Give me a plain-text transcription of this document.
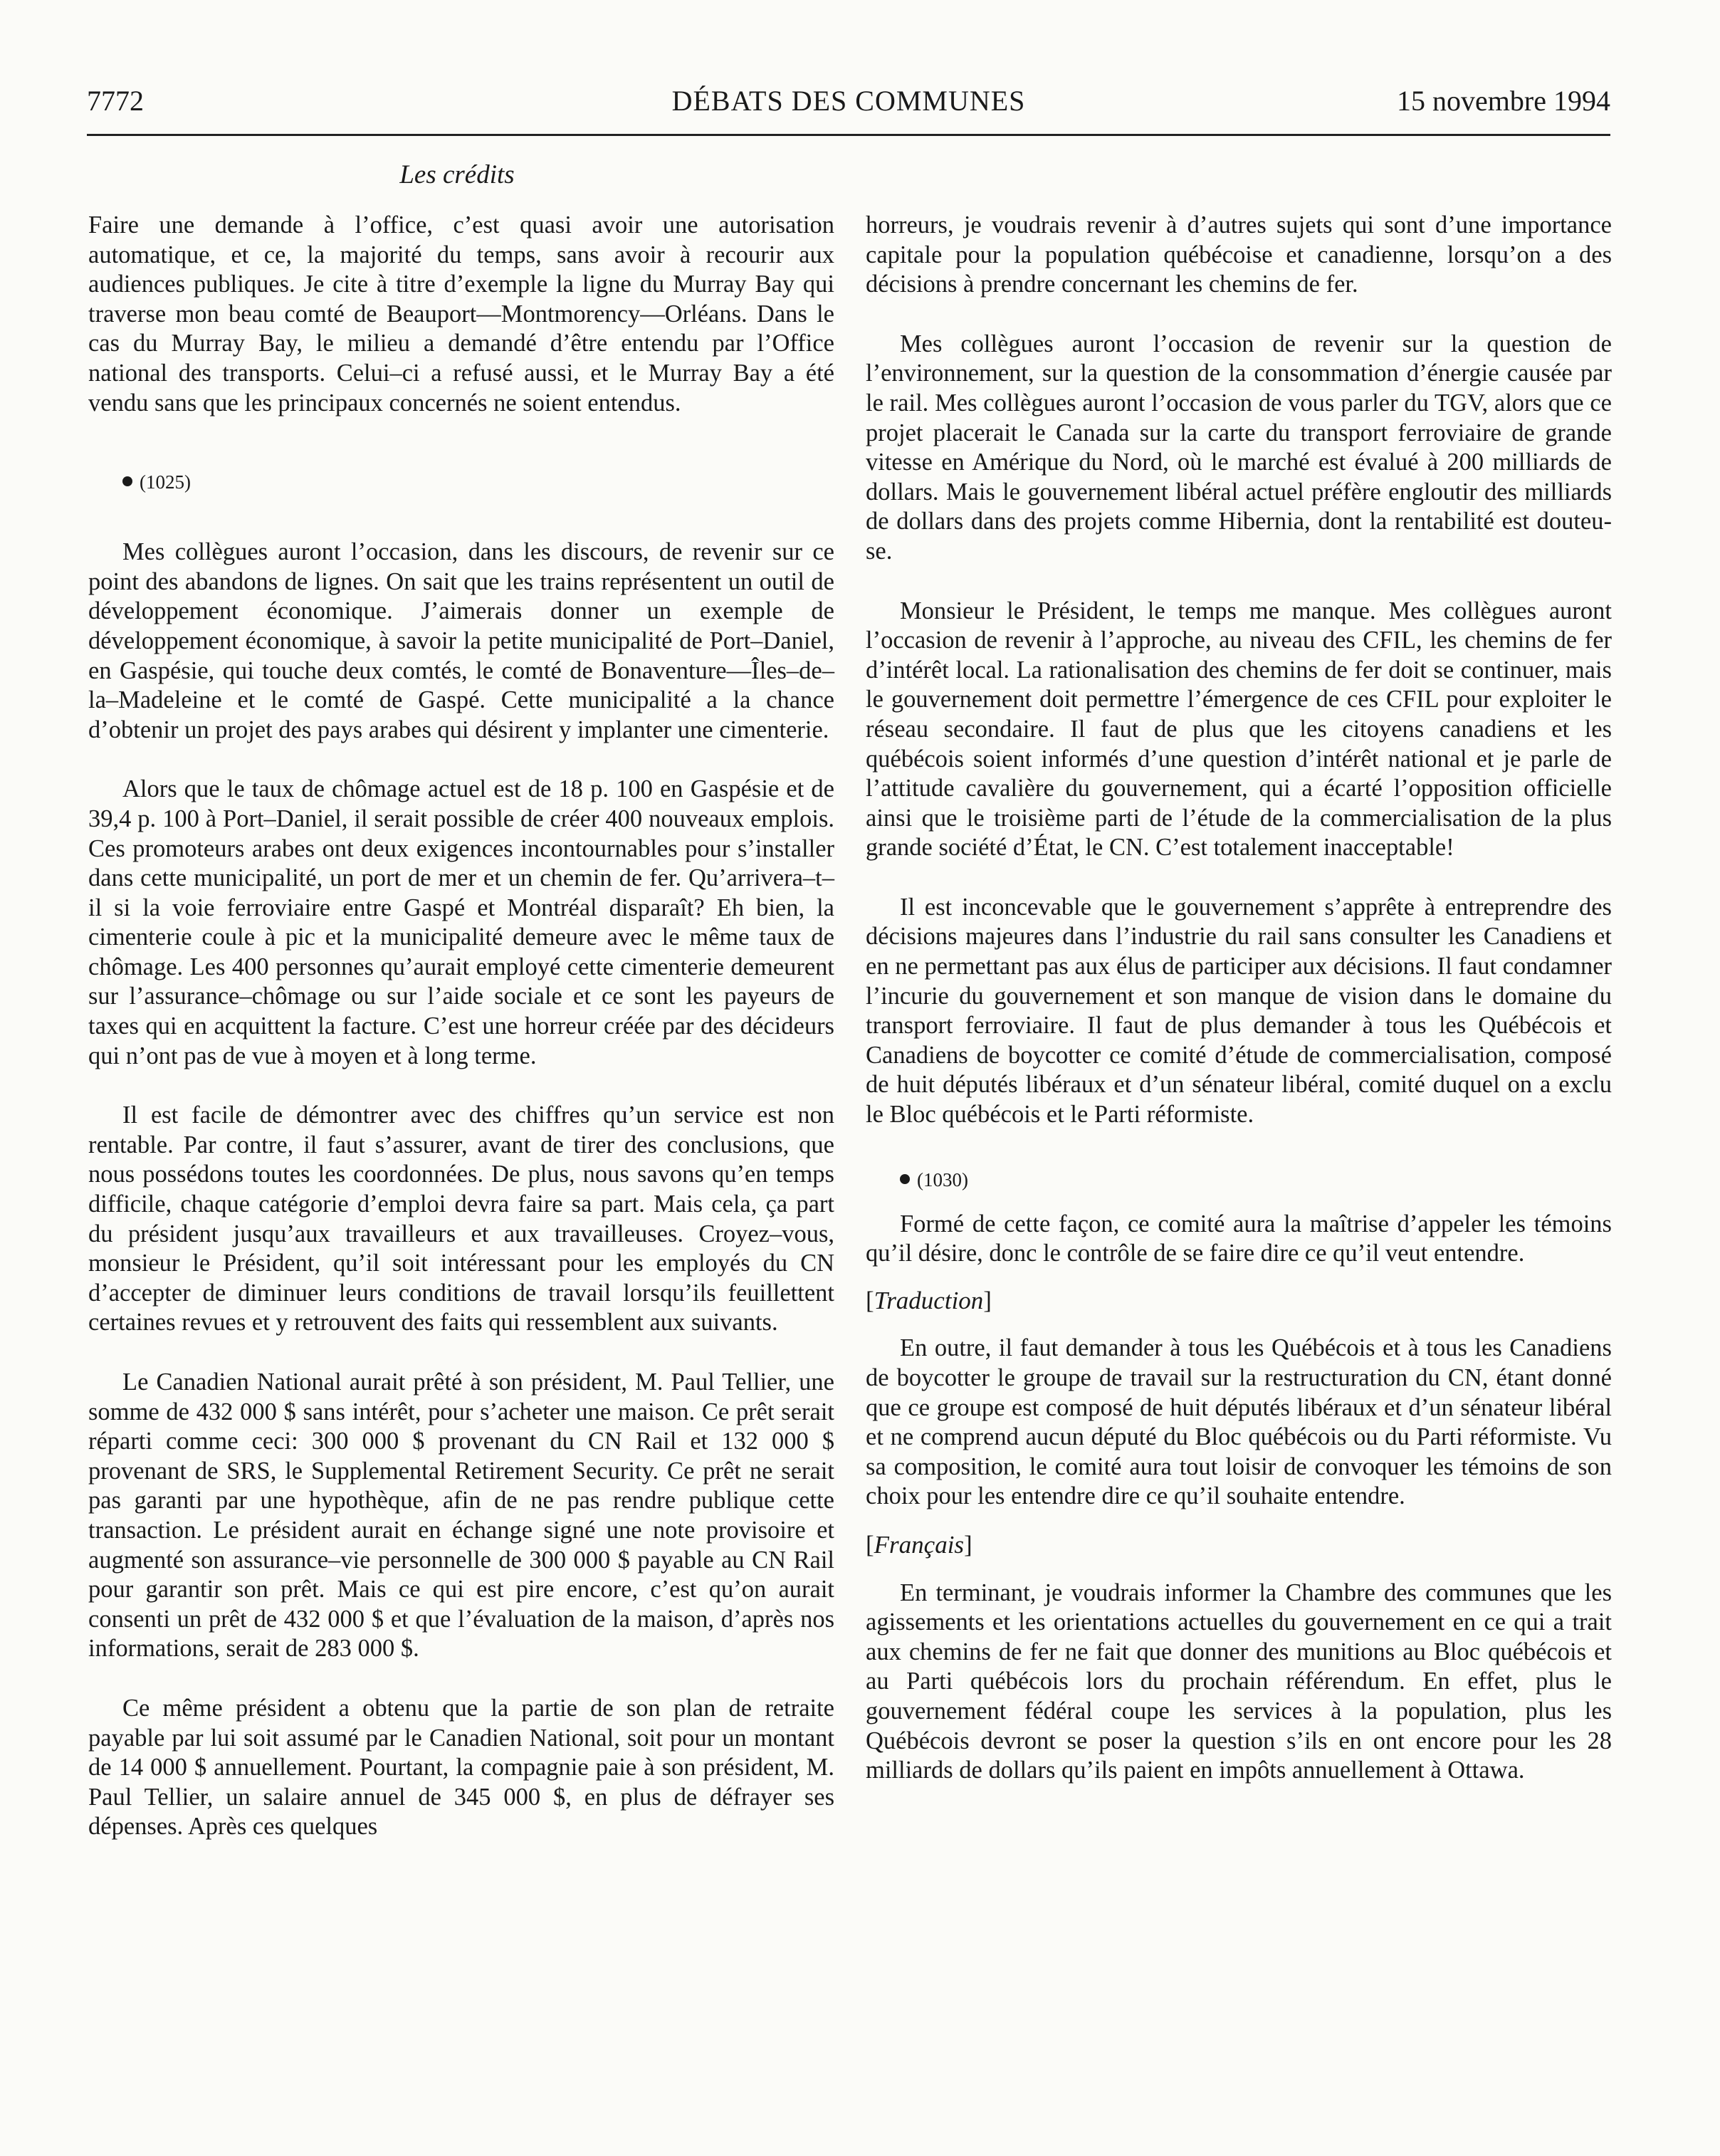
7772	DÉBATS DES COMMUNES	15 novembre 1994
Les crédits

Faire une demande à l’office, c’est quasi avoir une autorisation automatique, et ce, la majorité du temps, sans avoir à recourir aux audiences publiques. Je cite à titre d’exemple la ligne du Murray Bay qui traverse mon beau comté de Beauport—Montmorency—Orléans. Dans le cas du Murray Bay, le milieu a demandé d’être entendu par l’Office national des transports. Celui–ci a refusé aussi, et le Murray Bay a été vendu sans que les principaux concernés ne soient entendus.

(1025)

Mes collègues auront l’occasion, dans les discours, de revenir sur ce point des abandons de lignes. On sait que les trains représentent un outil de développement économique. J’aimerais donner un exemple de développement économique, à savoir la petite municipalité de Port–Daniel, en Gaspésie, qui touche deux comtés, le comté de Bonaventure—Îles–de–la–Madeleine et le comté de Gaspé. Cette municipalité a la chance d’obtenir un projet des pays arabes qui désirent y implanter une cimenterie.

Alors que le taux de chômage actuel est de 18 p. 100 en Gaspésie et de 39,4 p. 100 à Port–Daniel, il serait possible de créer 400 nouveaux emplois. Ces promoteurs arabes ont deux exigences incontournables pour s’installer dans cette municipalité, un port de mer et un chemin de fer. Qu’arrivera–t–il si la voie ferroviaire entre Gaspé et Montréal disparaît? Eh bien, la cimenterie coule à pic et la municipalité demeure avec le même taux de chômage. Les 400 personnes qu’aurait employé cette cimenterie demeurent sur l’assurance–chômage ou sur l’aide sociale et ce sont les payeurs de taxes qui en acquittent la facture. C’est une horreur créée par des décideurs qui n’ont pas de vue à moyen et à long terme.

Il est facile de démontrer avec des chiffres qu’un service est non rentable. Par contre, il faut s’assurer, avant de tirer des conclusions, que nous possédons toutes les coordonnées. De plus, nous savons qu’en temps difficile, chaque catégorie d’emploi devra faire sa part. Mais cela, ça part du président jusqu’aux travailleurs et aux travailleuses. Croyez–vous, monsieur le Président, qu’il soit intéressant pour les employés du CN d’accepter de diminuer leurs conditions de travail lorsqu’ils feuillettent certaines revues et y retrouvent des faits qui ressemblent aux suivants.

Le Canadien National aurait prêté à son président, M. Paul Tellier, une somme de 432 000 $ sans intérêt, pour s’acheter une maison. Ce prêt serait réparti comme ceci: 300 000 $ provenant du CN Rail et 132 000 $ provenant de SRS, le Supplemental Retirement Security. Ce prêt ne serait pas garanti par une hypothèque, afin de ne pas rendre publique cette transaction. Le président aurait en échange signé une note provisoire et augmenté son assurance–vie personnelle de 300 000 $ payable au CN Rail pour garantir son prêt. Mais ce qui est pire encore, c’est qu’on aurait consenti un prêt de 432 000 $ et que l’évaluation de la maison, d’après nos informations, serait de 283 000 $.

Ce même président a obtenu que la partie de son plan de retraite payable par lui soit assumé par le Canadien National, soit pour un montant de 14 000 $ annuellement. Pourtant, la compagnie paie à son président, M. Paul Tellier, un salaire annuel de 345 000 $, en plus de défrayer ses dépenses. Après ces quelques

horreurs, je voudrais revenir à d’autres sujets qui sont d’une importance capitale pour la population québécoise et canadienne, lorsqu’on a des décisions à prendre concernant les chemins de fer.

Mes collègues auront l’occasion de revenir sur la question de l’environnement, sur la question de la consommation d’énergie causée par le rail. Mes collègues auront l’occasion de vous parler du TGV, alors que ce projet placerait le Canada sur la carte du transport ferroviaire de grande vitesse en Amérique du Nord, où le marché est évalué à 200 milliards de dollars. Mais le gouvernement libéral actuel préfère engloutir des milliards de dollars dans des projets comme Hibernia, dont la rentabilité est douteuse.

Monsieur le Président, le temps me manque. Mes collègues auront l’occasion de revenir à l’approche, au niveau des CFIL, les chemins de fer d’intérêt local. La rationalisation des chemins de fer doit se continuer, mais le gouvernement doit permettre l’émergence de ces CFIL pour exploiter le réseau secondaire. Il faut de plus que les citoyens canadiens et les québécois soient informés d’une question d’intérêt national et je parle de l’attitude cavalière du gouvernement, qui a écarté l’opposition officielle ainsi que le troisième parti de l’étude de la commercialisation de la plus grande société d’État, le CN. C’est totalement inacceptable!

Il est inconcevable que le gouvernement s’apprête à entreprendre des décisions majeures dans l’industrie du rail sans consulter les Canadiens et en ne permettant pas aux élus de participer aux décisions. Il faut condamner l’incurie du gouvernement et son manque de vision dans le domaine du transport ferroviaire. Il faut de plus demander à tous les Québécois et Canadiens de boycotter ce comité d’étude de commercialisation, composé de huit députés libéraux et d’un sénateur libéral, comité duquel on a exclu le Bloc québécois et le Parti réformiste.

(1030)

Formé de cette façon, ce comité aura la maîtrise d’appeler les témoins qu’il désire, donc le contrôle de se faire dire ce qu’il veut entendre.

[Traduction]

En outre, il faut demander à tous les Québécois et à tous les Canadiens de boycotter le groupe de travail sur la restructuration du CN, étant donné que ce groupe est composé de huit députés libéraux et d’un sénateur libéral et ne comprend aucun député du Bloc québécois ou du Parti réformiste. Vu sa composition, le comité aura tout loisir de convoquer les témoins de son choix pour les entendre dire ce qu’il souhaite entendre.

[Français]

En terminant, je voudrais informer la Chambre des communes que les agissements et les orientations actuelles du gouvernement en ce qui a trait aux chemins de fer ne fait que donner des munitions au Bloc québécois et au Parti québécois lors du prochain référendum. En effet, plus le gouvernement fédéral coupe les services à la population, plus les Québécois devront se poser la question s’ils en ont encore pour les 28 milliards de dollars qu’ils paient en impôts annuellement à Ottawa.
